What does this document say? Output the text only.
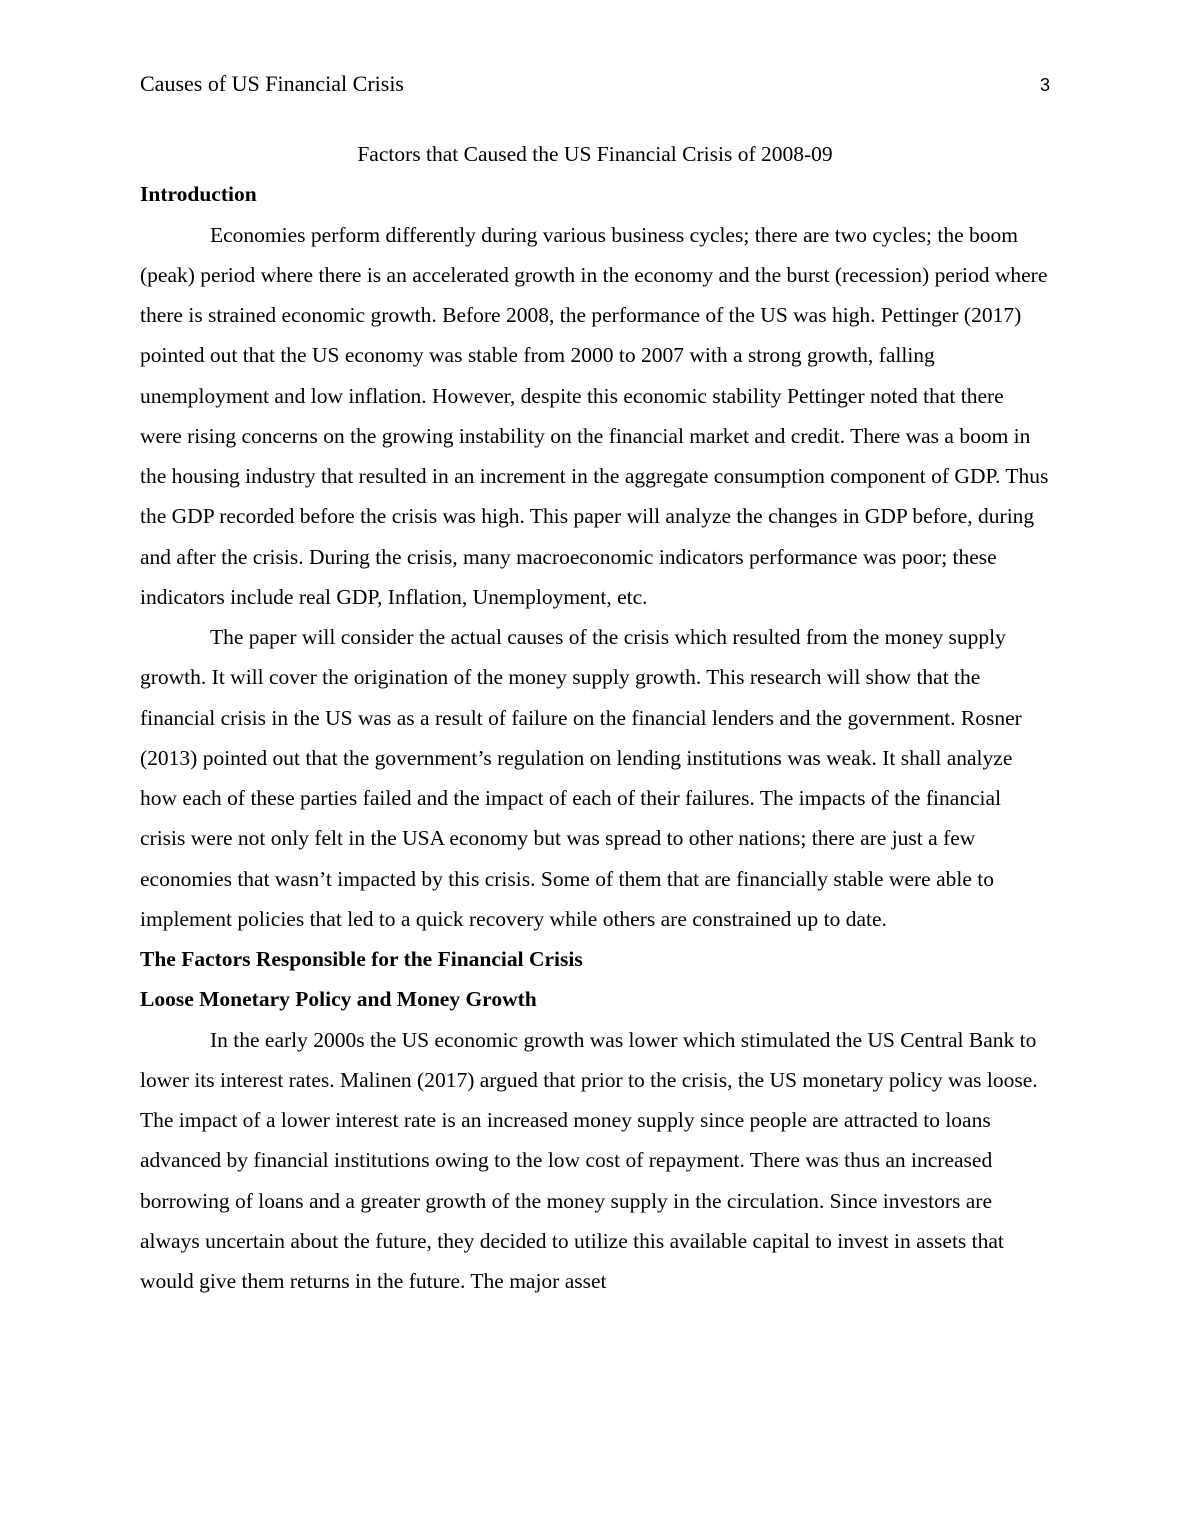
Causes of US Financial Crisis	3

Factors that Caused the US Financial Crisis of 2008-09

Introduction

Economies perform differently during various business cycles; there are two cycles; the boom (peak) period where there is an accelerated growth in the economy and the burst (recession) period where there is strained economic growth. Before 2008, the performance of the US was high. Pettinger (2017) pointed out that the US economy was stable from 2000 to 2007 with a strong growth, falling unemployment and low inflation. However, despite this economic stability Pettinger noted that there were rising concerns on the growing instability on the financial market and credit. There was a boom in the housing industry that resulted in an increment in the aggregate consumption component of GDP. Thus the GDP recorded before the crisis was high. This paper will analyze the changes in GDP before, during and after the crisis. During the crisis, many macroeconomic indicators performance was poor; these indicators include real GDP, Inflation, Unemployment, etc.

The paper will consider the actual causes of the crisis which resulted from the money supply growth. It will cover the origination of the money supply growth. This research will show that the financial crisis in the US was as a result of failure on the financial lenders and the government. Rosner (2013) pointed out that the government’s regulation on lending institutions was weak. It shall analyze how each of these parties failed and the impact of each of their failures. The impacts of the financial crisis were not only felt in the USA economy but was spread to other nations; there are just a few economies that wasn’t impacted by this crisis. Some of them that are financially stable were able to implement policies that led to a quick recovery while others are constrained up to date.

The Factors Responsible for the Financial Crisis

Loose Monetary Policy and Money Growth

In the early 2000s the US economic growth was lower which stimulated the US Central Bank to lower its interest rates. Malinen (2017) argued that prior to the crisis, the US monetary policy was loose. The impact of a lower interest rate is an increased money supply since people are attracted to loans advanced by financial institutions owing to the low cost of repayment. There was thus an increased borrowing of loans and a greater growth of the money supply in the circulation. Since investors are always uncertain about the future, they decided to utilize this available capital to invest in assets that would give them returns in the future. The major asset
